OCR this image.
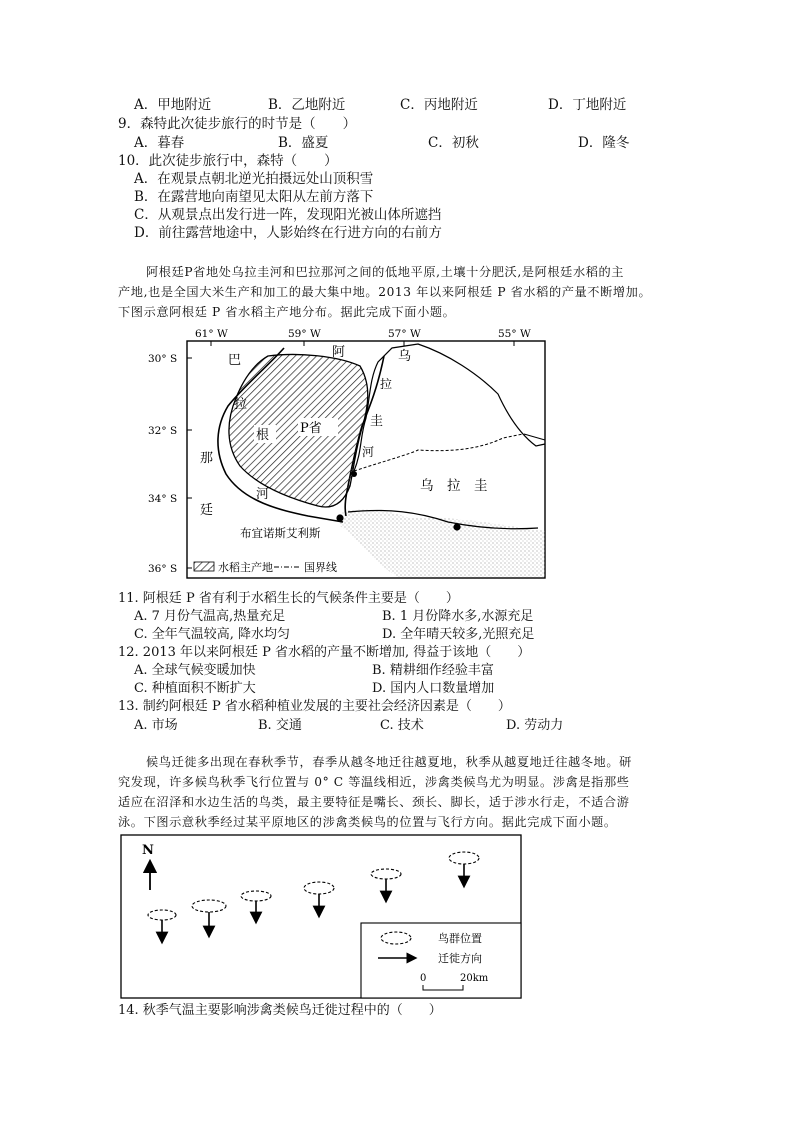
A．甲地附近	B．乙地附近	C．丙地附近	D．丁地附近
9．森特此次徒步旅行的时节是（　　）
A．暮春	B．盛夏	C．初秋	D．隆冬
10．此次徒步旅行中，森特（　　）
A．在观景点朝北逆光拍摄远处山顶积雪
B．在露营地向南望见太阳从左前方落下
C．从观景点出发行进一阵，发现阳光被山体所遮挡
D．前往露营地途中，人影始终在行进方向的右前方
阿根廷P省地处乌拉圭河和巴拉那河之间的低地平原,土壤十分肥沃,是阿根廷水稻的主
产地,也是全国大米生产和加工的最大集中地。2013 年以来阿根廷 P 省水稻的产量不断增加。
下图示意阿根廷 P 省水稻主产地分布。据此完成下面小题。
61° W	59° W	57° W	55° W
30° S
32° S
34° S
36° S
巴
拉
那
河
阿
根
廷
P省
乌
拉
圭
河
乌　拉　圭
布宜诺斯艾利斯
水稻主产地	国界线
11. 阿根廷 P 省有利于水稻生长的气候条件主要是（　　）
A. 7 月份气温高,热量充足	B. 1 月份降水多,水源充足
C. 全年气温较高, 降水均匀	D. 全年晴天较多,光照充足
12. 2013 年以来阿根廷 P 省水稻的产量不断增加, 得益于该地（　　）
A. 全球气候变暖加快	B. 精耕细作经验丰富
C. 种植面积不断扩大	D. 国内人口数量增加
13. 制约阿根廷 P 省水稻种植业发展的主要社会经济因素是（　　）
A. 市场	B. 交通	C. 技术	D. 劳动力
候鸟迁徙多出现在春秋季节，春季从越冬地迁往越夏地，秋季从越夏地迁往越冬地。研
究发现，许多候鸟秋季飞行位置与 0° C 等温线相近，涉禽类候鸟尤为明显。涉禽是指那些
适应在沼泽和水边生活的鸟类，最主要特征是嘴长、颈长、脚长，适于涉水行走，不适合游
泳。下图示意秋季经过某平原地区的涉禽类候鸟的位置与飞行方向。据此完成下面小题。
N
鸟群位置
迁徙方向
0	20km
14. 秋季气温主要影响涉禽类候鸟迁徙过程中的（　　）
